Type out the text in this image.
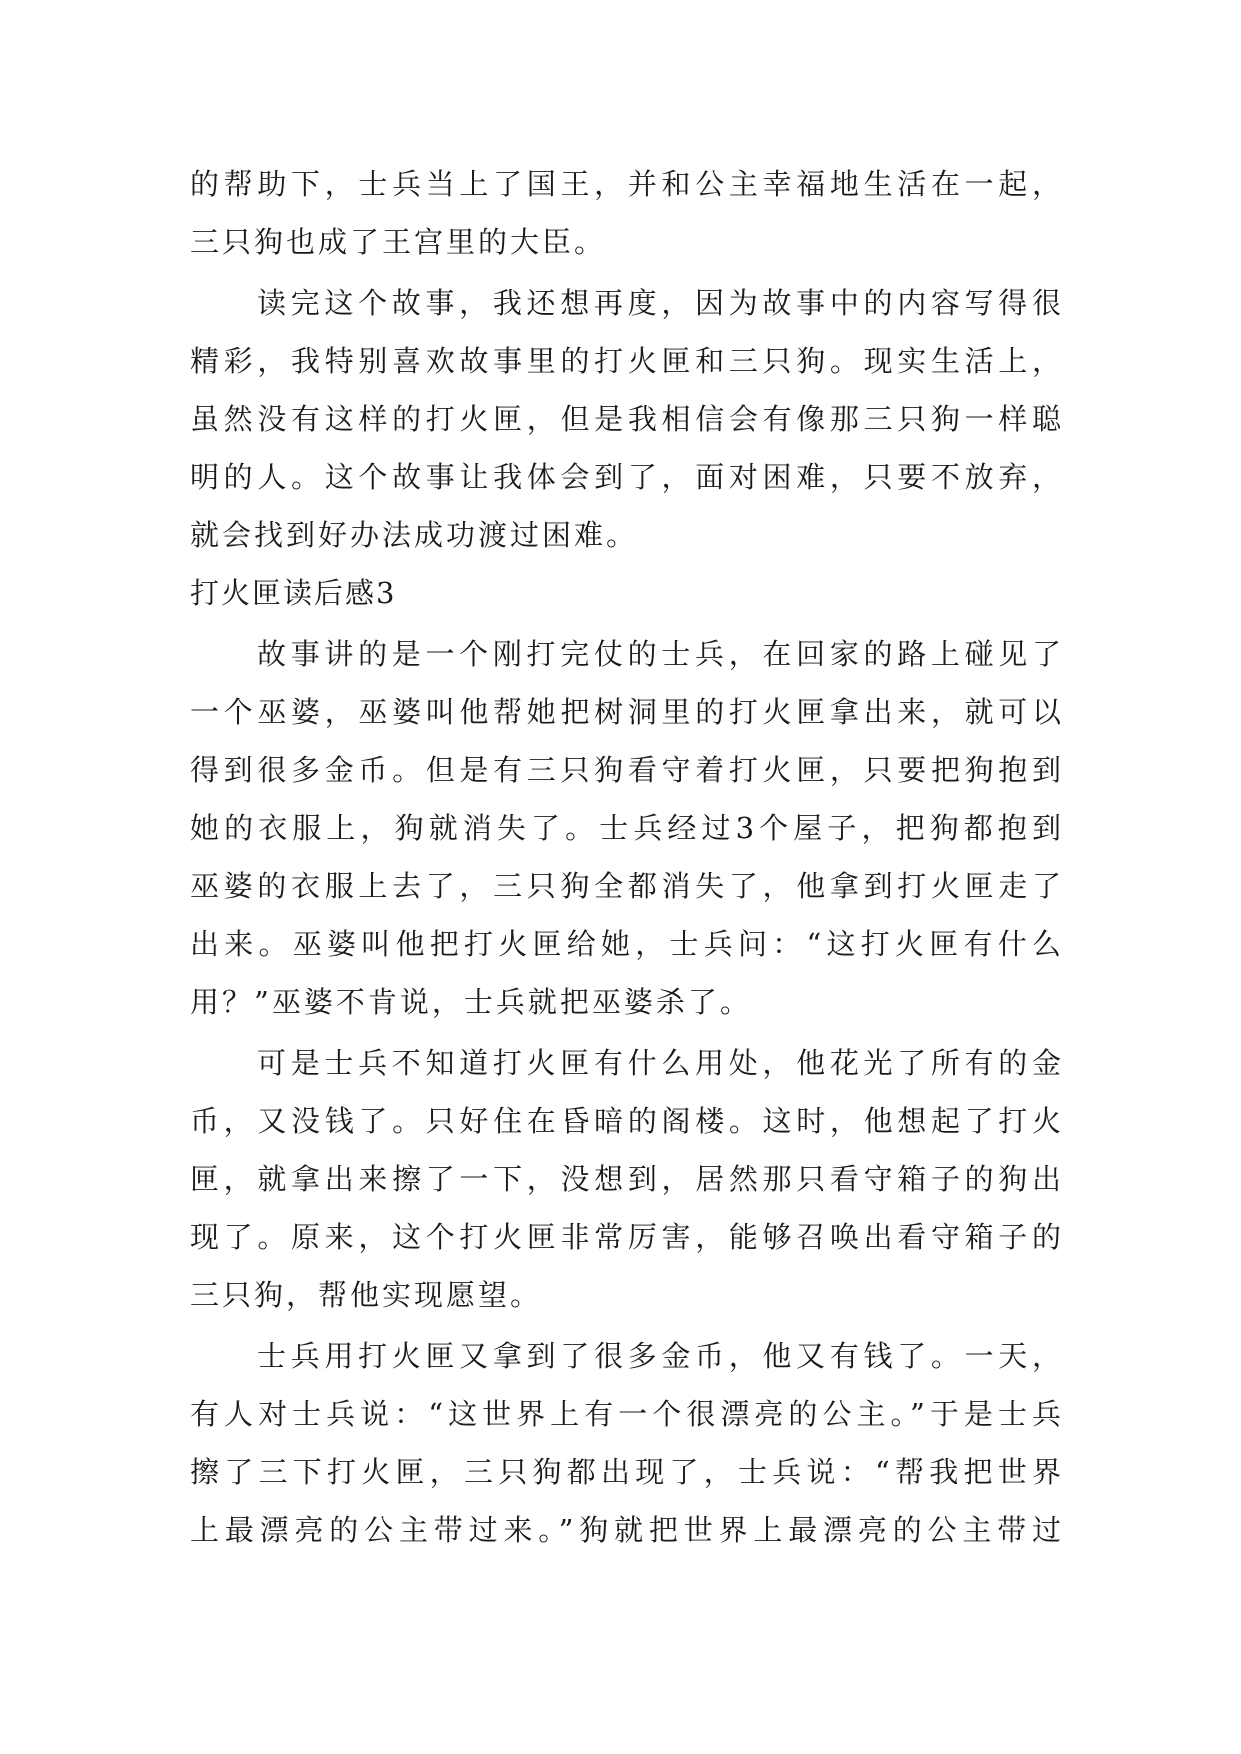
的帮助下，士兵当上了国王，并和公主幸福地生活在一起，
三只狗也成了王宫里的大臣。
读完这个故事，我还想再度，因为故事中的内容写得很
精彩，我特别喜欢故事里的打火匣和三只狗。现实生活上，
虽然没有这样的打火匣，但是我相信会有像那三只狗一样聪
明的人。这个故事让我体会到了，面对困难，只要不放弃，
就会找到好办法成功渡过困难。
打火匣读后感3
故事讲的是一个刚打完仗的士兵，在回家的路上碰见了
一个巫婆，巫婆叫他帮她把树洞里的打火匣拿出来，就可以
得到很多金币。但是有三只狗看守着打火匣，只要把狗抱到
她的衣服上，狗就消失了。士兵经过3个屋子，把狗都抱到
巫婆的衣服上去了，三只狗全都消失了，他拿到打火匣走了
出来。巫婆叫他把打火匣给她，士兵问：“这打火匣有什么
用？”巫婆不肯说，士兵就把巫婆杀了。
可是士兵不知道打火匣有什么用处，他花光了所有的金
币，又没钱了。只好住在昏暗的阁楼。这时，他想起了打火
匣，就拿出来擦了一下，没想到，居然那只看守箱子的狗出
现了。原来，这个打火匣非常厉害，能够召唤出看守箱子的
三只狗，帮他实现愿望。
士兵用打火匣又拿到了很多金币，他又有钱了。一天，
有人对士兵说：“这世界上有一个很漂亮的公主。”于是士兵
擦了三下打火匣，三只狗都出现了，士兵说：“帮我把世界
上最漂亮的公主带过来。”狗就把世界上最漂亮的公主带过
